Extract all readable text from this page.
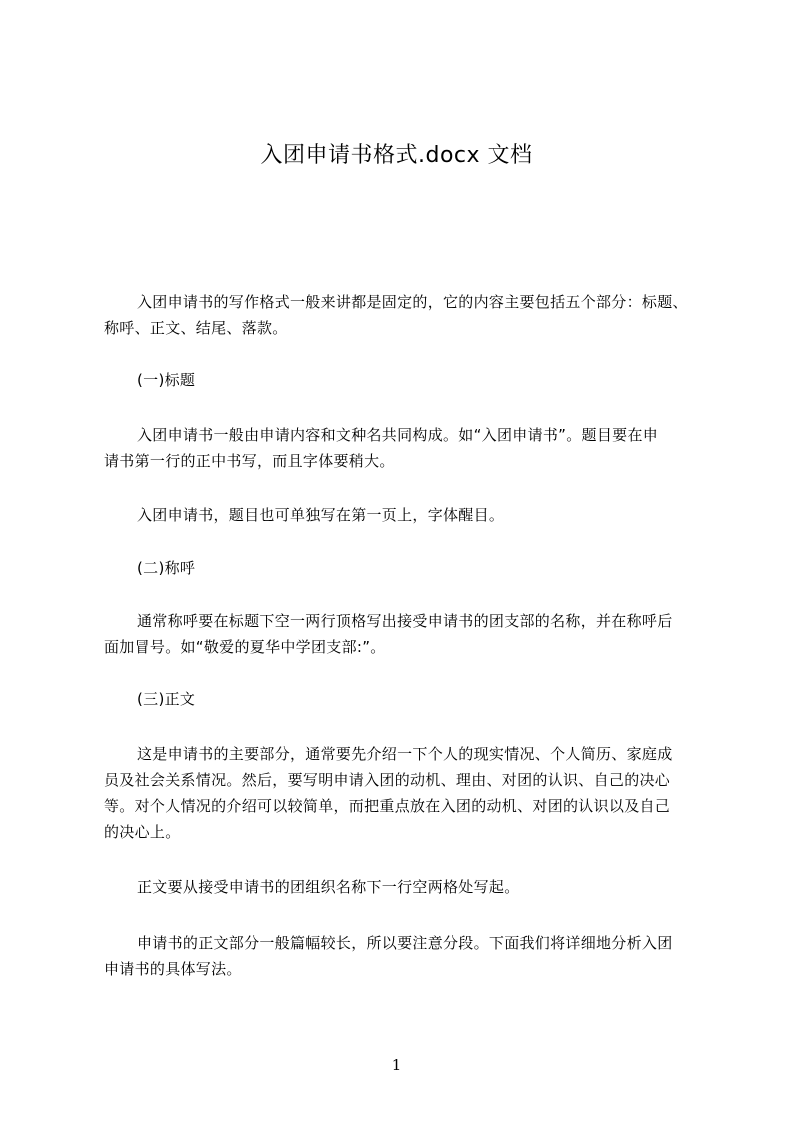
入团申请书格式.docx 文档
入团申请书的写作格式一般来讲都是固定的，它的内容主要包括五个部分：标题、
称呼、正文、结尾、落款。
(一)标题
入团申请书一般由申请内容和文种名共同构成。如“入团申请书”。题目要在申
请书第一行的正中书写，而且字体要稍大。
入团申请书，题目也可单独写在第一页上，字体醒目。
(二)称呼
通常称呼要在标题下空一两行顶格写出接受申请书的团支部的名称，并在称呼后
面加冒号。如“敬爱的夏华中学团支部:”。
(三)正文
这是申请书的主要部分，通常要先介绍一下个人的现实情况、个人简历、家庭成
员及社会关系情况。然后，要写明申请入团的动机、理由、对团的认识、自己的决心
等。对个人情况的介绍可以较简单，而把重点放在入团的动机、对团的认识以及自己
的决心上。
正文要从接受申请书的团组织名称下一行空两格处写起。
申请书的正文部分一般篇幅较长，所以要注意分段。下面我们将详细地分析入团
申请书的具体写法。
1
